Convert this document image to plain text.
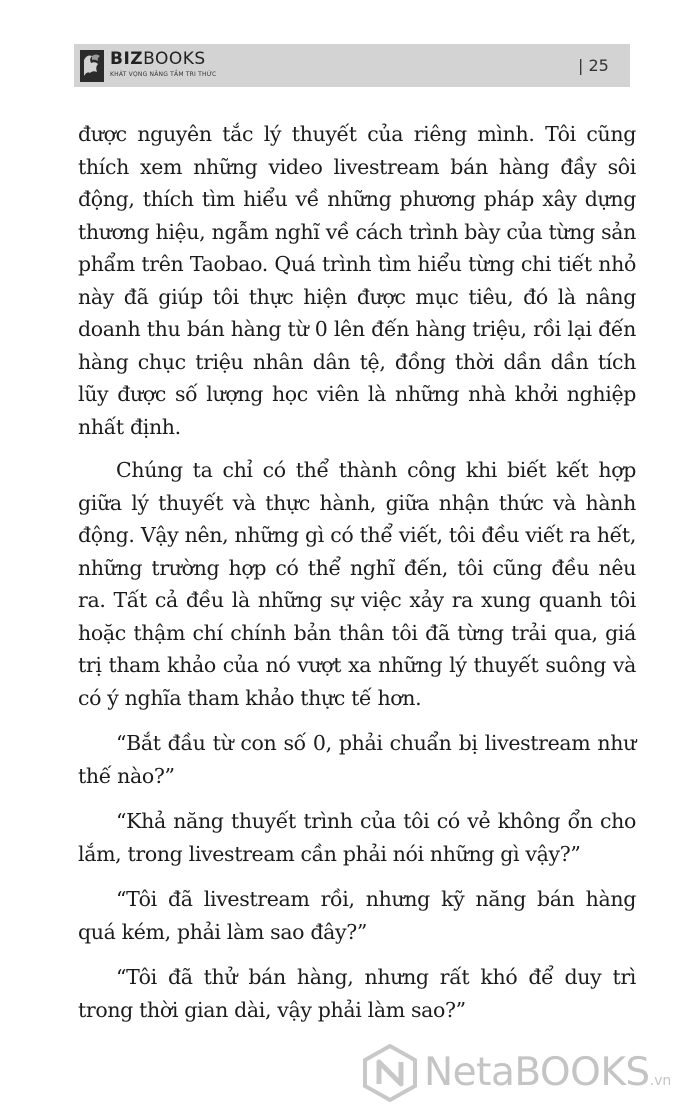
BIZBOOKS
KHÁT VỌNG NÂNG TẦM TRI THỨC	| 25

được nguyên tắc lý thuyết của riêng mình. Tôi cũng thích xem những video livestream bán hàng đầy sôi động, thích tìm hiểu về những phương pháp xây dựng thương hiệu, ngẫm nghĩ về cách trình bày của từng sản phẩm trên Taobao. Quá trình tìm hiểu từng chi tiết nhỏ này đã giúp tôi thực hiện được mục tiêu, đó là nâng doanh thu bán hàng từ 0 lên đến hàng triệu, rồi lại đến hàng chục triệu nhân dân tệ, đồng thời dần dần tích lũy được số lượng học viên là những nhà khởi nghiệp nhất định.

Chúng ta chỉ có thể thành công khi biết kết hợp giữa lý thuyết và thực hành, giữa nhận thức và hành động. Vậy nên, những gì có thể viết, tôi đều viết ra hết, những trường hợp có thể nghĩ đến, tôi cũng đều nêu ra. Tất cả đều là những sự việc xảy ra xung quanh tôi hoặc thậm chí chính bản thân tôi đã từng trải qua, giá trị tham khảo của nó vượt xa những lý thuyết suông và có ý nghĩa tham khảo thực tế hơn.

“Bắt đầu từ con số 0, phải chuẩn bị livestream như thế nào?”

“Khả năng thuyết trình của tôi có vẻ không ổn cho lắm, trong livestream cần phải nói những gì vậy?”

“Tôi đã livestream rồi, nhưng kỹ năng bán hàng quá kém, phải làm sao đây?”

“Tôi đã thử bán hàng, nhưng rất khó để duy trì trong thời gian dài, vậy phải làm sao?”

NetaBOOKS.vn
